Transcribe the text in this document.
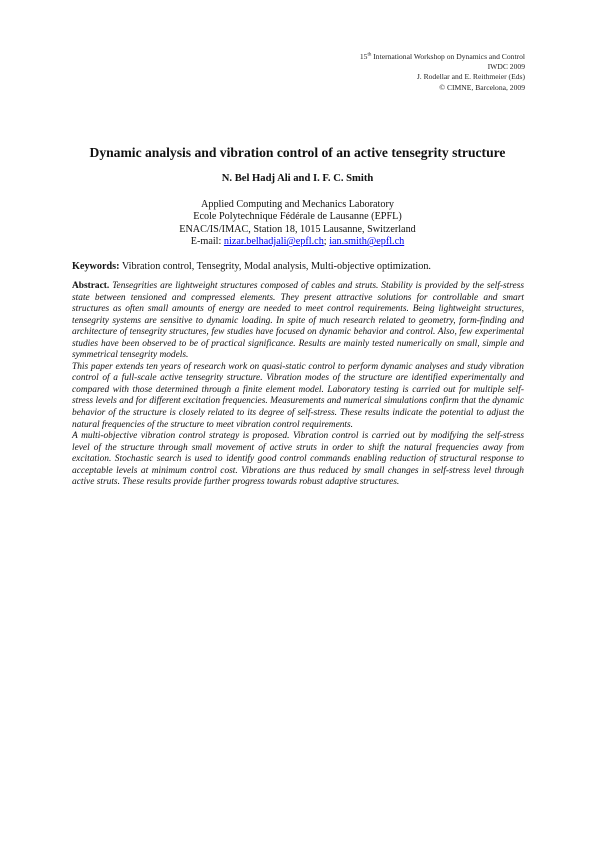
15th International Workshop on Dynamics and Control
IWDC 2009
J. Rodellar and E. Reithmeier (Eds)
© CIMNE, Barcelona, 2009
Dynamic analysis and vibration control of an active tensegrity structure
N. Bel Hadj Ali and I. F. C. Smith
Applied Computing and Mechanics Laboratory
Ecole Polytechnique Fédérale de Lausanne (EPFL)
ENAC/IS/IMAC, Station 18, 1015 Lausanne, Switzerland
E-mail: nizar.belhadjali@epfl.ch; ian.smith@epfl.ch
Keywords: Vibration control, Tensegrity, Modal analysis, Multi-objective optimization.

Abstract. Tensegrities are lightweight structures composed of cables and struts. Stability is provided by the self-stress state between tensioned and compressed elements. They present attractive solutions for controllable and smart structures as often small amounts of energy are needed to meet control requirements. Being lightweight structures, tensegrity systems are sensitive to dynamic loading. In spite of much research related to geometry, form-finding and architecture of tensegrity structures, few studies have focused on dynamic behavior and control. Also, few experimental studies have been observed to be of practical significance. Results are mainly tested numerically on small, simple and symmetrical tensegrity models.

This paper extends ten years of research work on quasi-static control to perform dynamic analyses and study vibration control of a full-scale active tensegrity structure. Vibration modes of the structure are identified experimentally and compared with those determined through a finite element model. Laboratory testing is carried out for multiple self-stress levels and for different excitation frequencies. Measurements and numerical simulations confirm that the dynamic behavior of the structure is closely related to its degree of self-stress. These results indicate the potential to adjust the natural frequencies of the structure to meet vibration control requirements.

A multi-objective vibration control strategy is proposed. Vibration control is carried out by modifying the self-stress level of the structure through small movement of active struts in order to shift the natural frequencies away from excitation. Stochastic search is used to identify good control commands enabling reduction of structural response to acceptable levels at minimum control cost. Vibrations are thus reduced by small changes in self-stress level through active struts. These results provide further progress towards robust adaptive structures.
